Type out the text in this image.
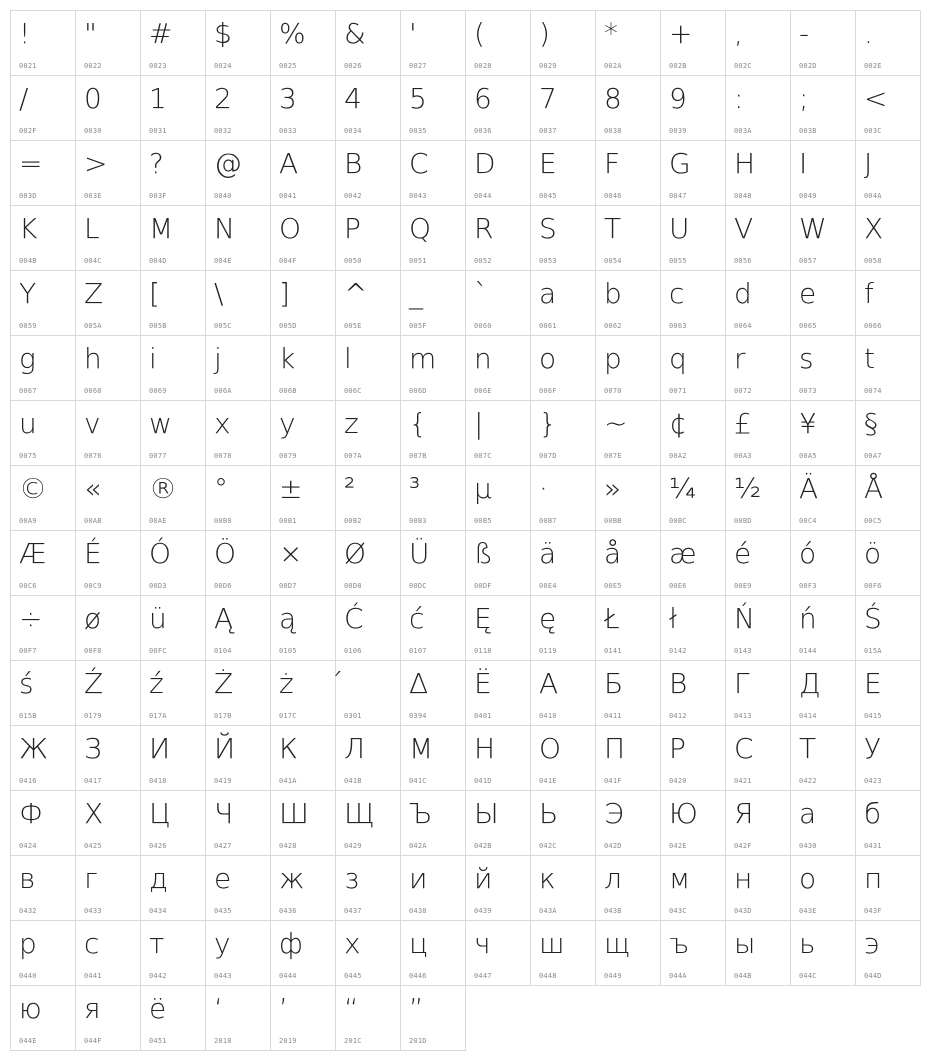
!
0021
"
0022
#
0023
$
0024
%
0025
&
0026
'
0027
(
0028
)
0029
*
002A
+
002B
,
002C
-
002D
.
002E
/
002F
0
0030
1
0031
2
0032
3
0033
4
0034
5
0035
6
0036
7
0037
8
0038
9
0039
:
003A
;
003B
<
003C
=
003D
>
003E
?
003F
@
0040
A
0041
B
0042
C
0043
D
0044
E
0045
F
0046
G
0047
H
0048
I
0049
J
004A
K
004B
L
004C
M
004D
N
004E
O
004F
P
0050
Q
0051
R
0052
S
0053
T
0054
U
0055
V
0056
W
0057
X
0058
Y
0059
Z
005A
[
005B
\
005C
]
005D
^
005E
_
005F
`
0060
a
0061
b
0062
c
0063
d
0064
e
0065
f
0066
g
0067
h
0068
i
0069
j
006A
k
006B
l
006C
m
006D
n
006E
o
006F
p
0070
q
0071
r
0072
s
0073
t
0074
u
0075
v
0076
w
0077
x
0078
y
0079
z
007A
{
007B
|
007C
}
007D
~
007E
¢
00A2
£
00A3
¥
00A5
§
00A7
©
00A9
«
00AB
®
00AE
°
00B0
±
00B1
²
00B2
³
00B3
µ
00B5
·
00B7
»
00BB
¼
00BC
½
00BD
Ä
00C4
Å
00C5
Æ
00C6
É
00C9
Ó
00D3
Ö
00D6
×
00D7
Ø
00D8
Ü
00DC
ß
00DF
ä
00E4
å
00E5
æ
00E6
é
00E9
ó
00F3
ö
00F6
÷
00F7
ø
00F8
ü
00FC
Ą
0104
ą
0105
Ć
0106
ć
0107
Ę
0118
ę
0119
Ł
0141
ł
0142
Ń
0143
ń
0144
Ś
015A
ś
015B
Ź
0179
ź
017A
Ż
017B
ż
017C	0301
Δ
0394
Ё
0401
А
0410
Б
0411
В
0412
Г
0413
Д
0414
Е
0415
Ж
0416
З
0417
И
0418
Й
0419
К
041A
Л
041B
М
041C
Н
041D
О
041E
П
041F
Р
0420
С
0421
Т
0422
У
0423
Ф
0424
Х
0425
Ц
0426
Ч
0427
Ш
0428
Щ
0429
Ъ
042A
Ы
042B
Ь
042C
Э
042D
Ю
042E
Я
042F
а
0430
б
0431
в
0432
г
0433
д
0434
е
0435
ж
0436
з
0437
и
0438
й
0439
к
043A
л
043B
м
043C
н
043D
о
043E
п
043F
р
0440
с
0441
т
0442
у
0443
ф
0444
х
0445
ц
0446
ч
0447
ш
0448
щ
0449
ъ
044A
ы
044B
ь
044C
э
044D
ю
044E
я
044F
ё
0451
‘
2018
’
2019
“
201C
”
201D
